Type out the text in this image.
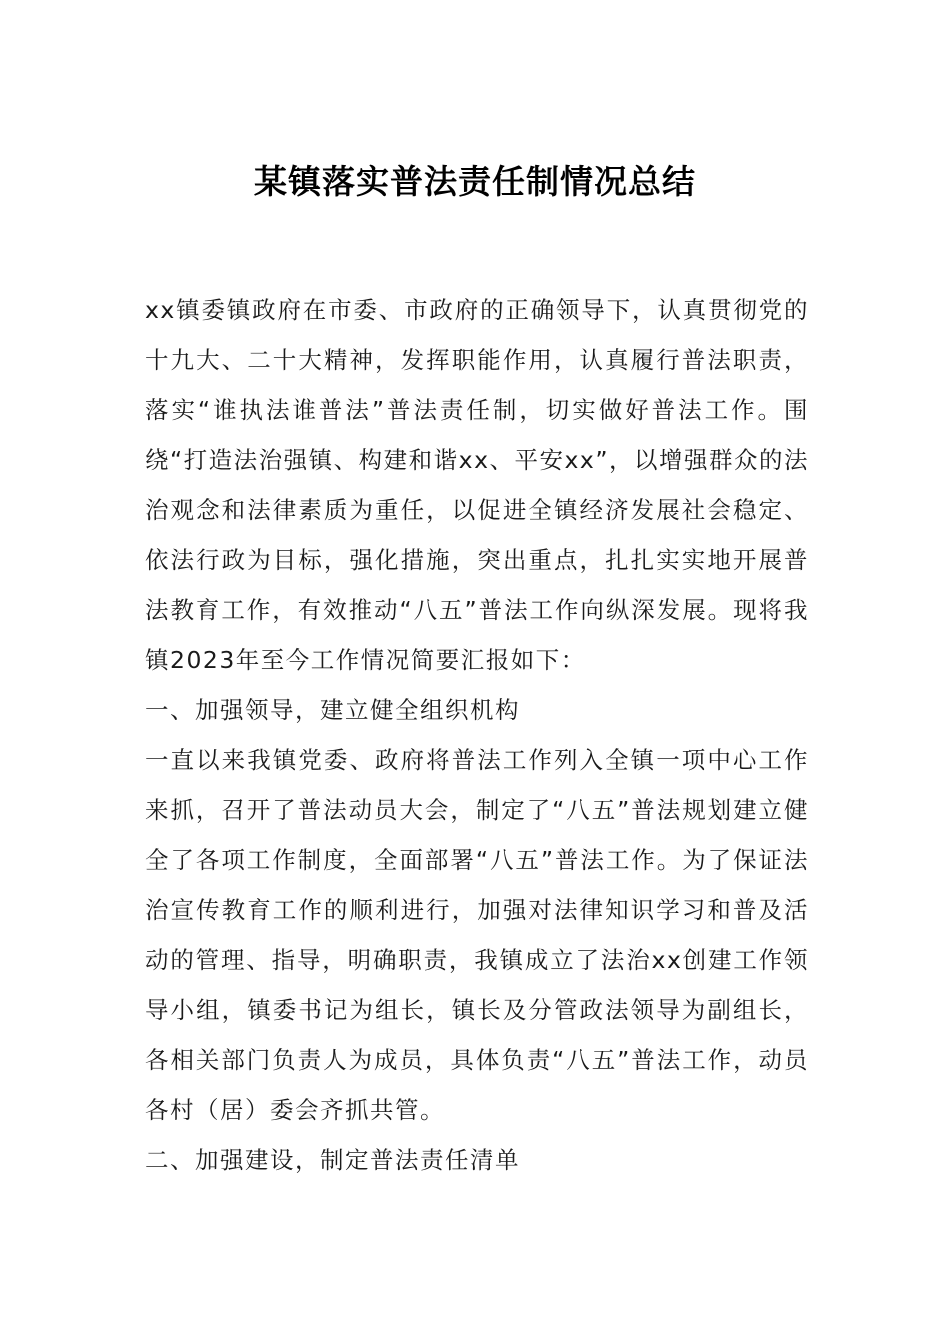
某镇落实普法责任制情况总结

xx镇委镇政府在市委、市政府的正确领导下，认真贯彻党的十九大、二十大精神，发挥职能作用，认真履行普法职责，落实“谁执法谁普法”普法责任制，切实做好普法工作。围绕“打造法治强镇、构建和谐xx、平安xx”，以增强群众的法治观念和法律素质为重任，以促进全镇经济发展社会稳定、依法行政为目标，强化措施，突出重点，扎扎实实地开展普法教育工作，有效推动“八五”普法工作向纵深发展。现将我镇2023年至今工作情况简要汇报如下：

一、加强领导，建立健全组织机构

一直以来我镇党委、政府将普法工作列入全镇一项中心工作来抓，召开了普法动员大会，制定了“八五”普法规划建立健全了各项工作制度，全面部署“八五”普法工作。为了保证法治宣传教育工作的顺利进行，加强对法律知识学习和普及活动的管理、指导，明确职责，我镇成立了法治xx创建工作领导小组，镇委书记为组长，镇长及分管政法领导为副组长，各相关部门负责人为成员，具体负责“八五”普法工作，动员各村（居）委会齐抓共管。

二、加强建设，制定普法责任清单
